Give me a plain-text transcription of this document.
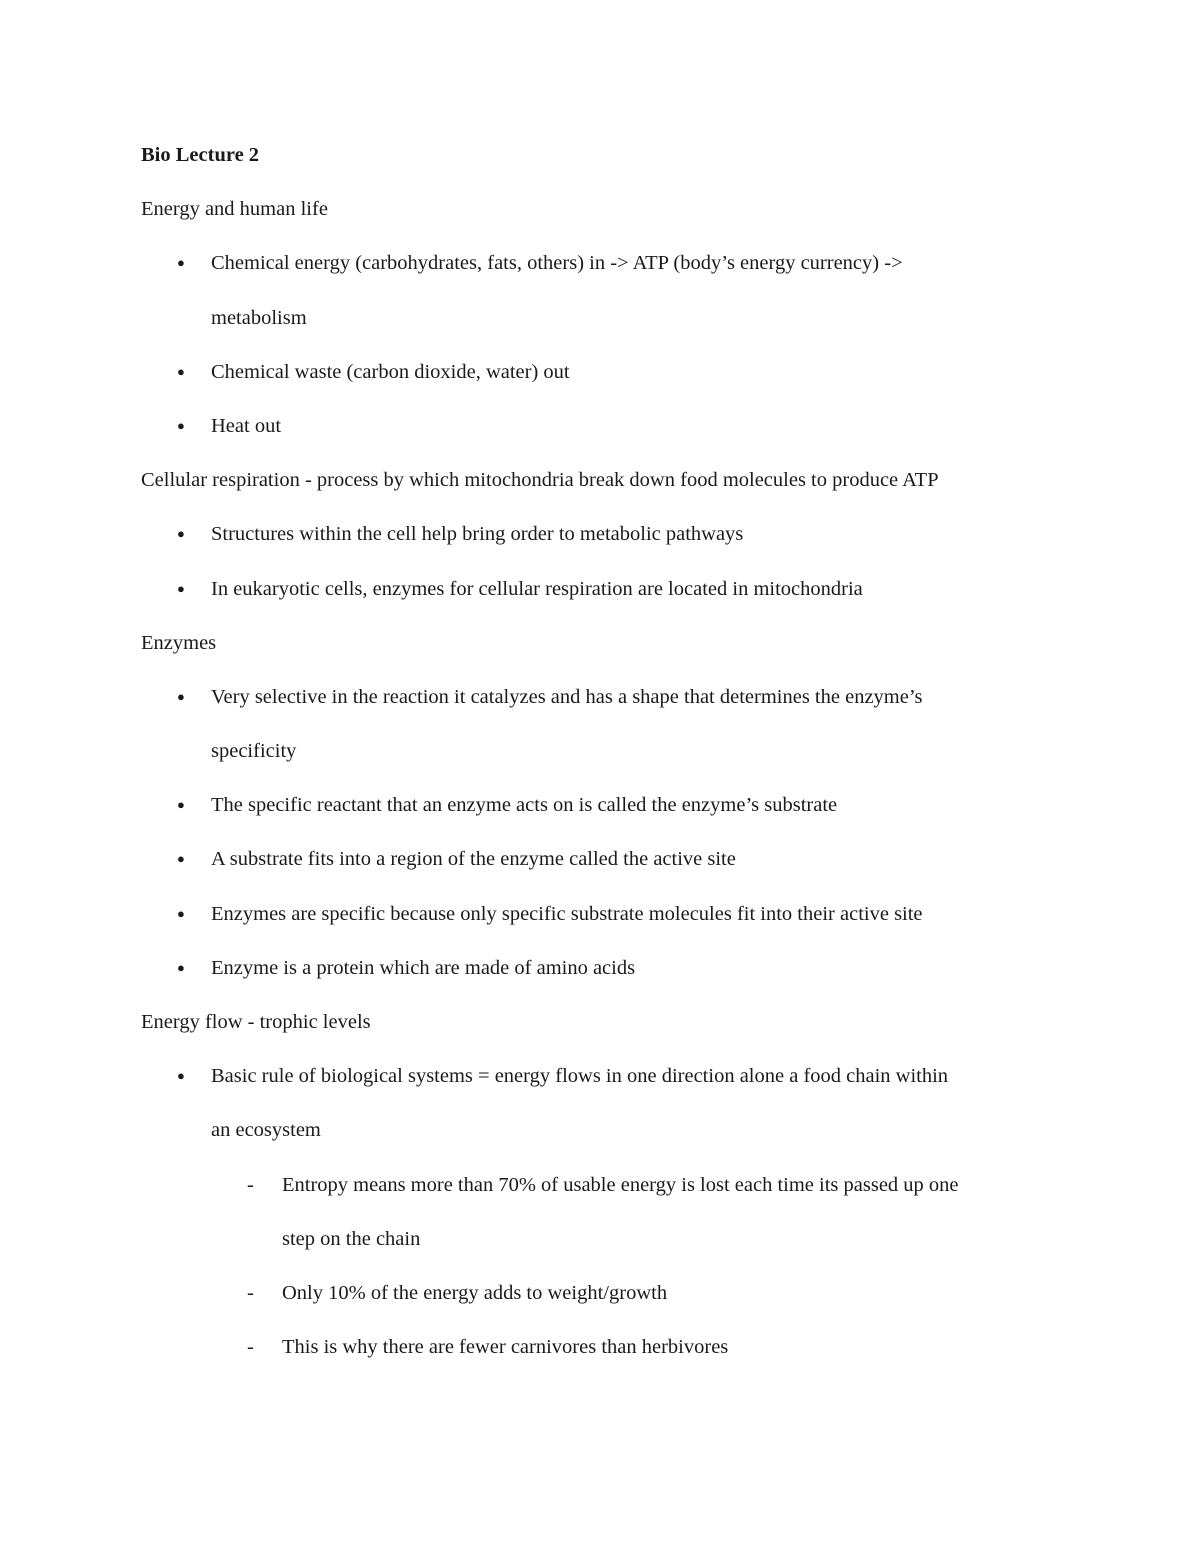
Bio Lecture 2
Energy and human life
● Chemical energy (carbohydrates, fats, others) in -> ATP (body’s energy currency) ->
metabolism
● Chemical waste (carbon dioxide, water) out
● Heat out
Cellular respiration - process by which mitochondria break down food molecules to produce ATP
● Structures within the cell help bring order to metabolic pathways
● In eukaryotic cells, enzymes for cellular respiration are located in mitochondria
Enzymes
● Very selective in the reaction it catalyzes and has a shape that determines the enzyme’s
specificity
● The specific reactant that an enzyme acts on is called the enzyme’s substrate
● A substrate fits into a region of the enzyme called the active site
● Enzymes are specific because only specific substrate molecules fit into their active site
● Enzyme is a protein which are made of amino acids
Energy flow - trophic levels
● Basic rule of biological systems = energy flows in one direction alone a food chain within
an ecosystem
- Entropy means more than 70% of usable energy is lost each time its passed up one
step on the chain
- Only 10% of the energy adds to weight/growth
- This is why there are fewer carnivores than herbivores
